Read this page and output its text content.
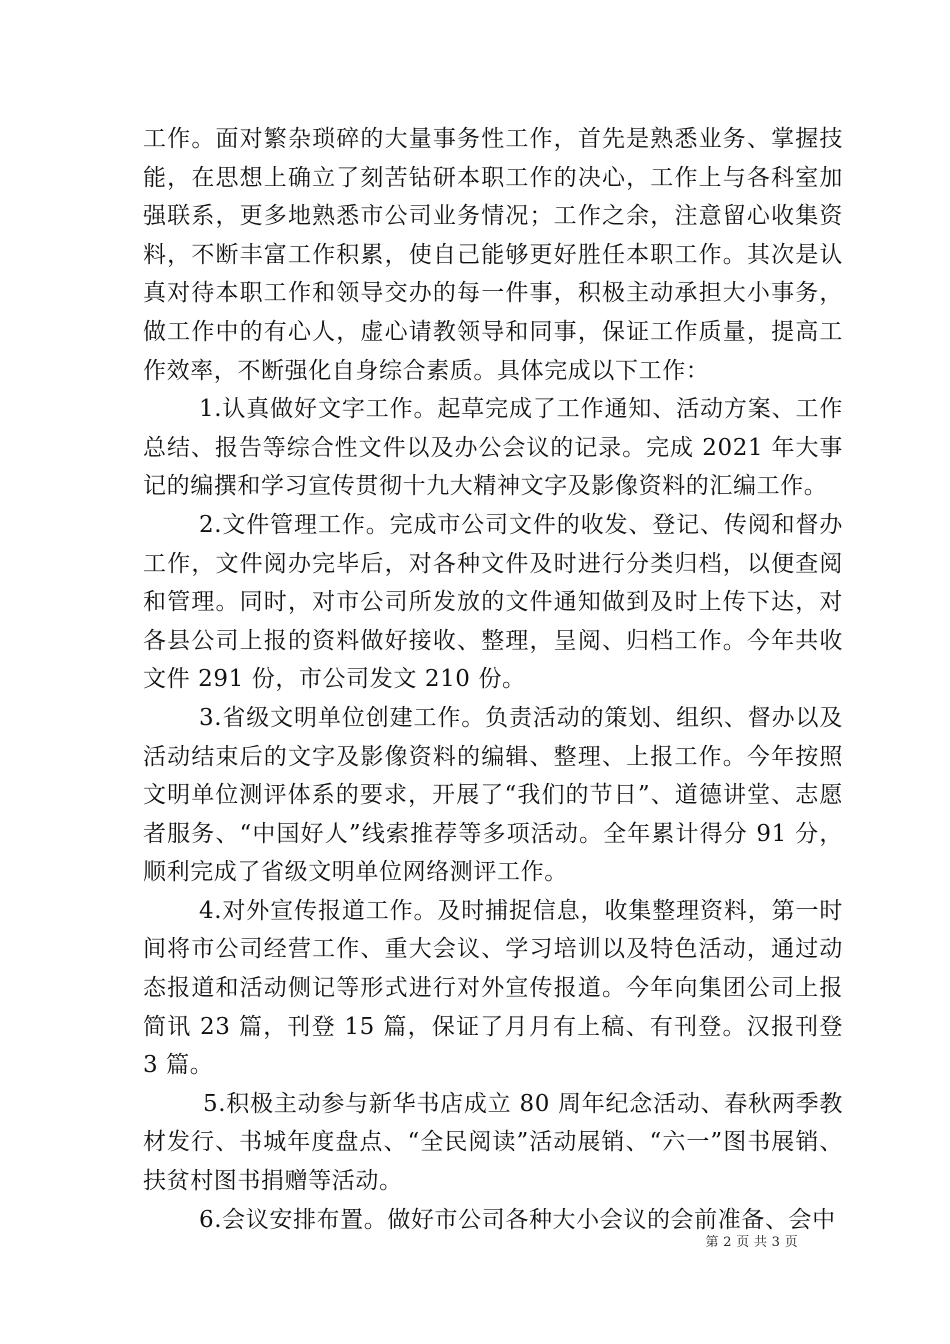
工作。面对繁杂琐碎的大量事务性工作，首先是熟悉业务、掌握技能，在思想上确立了刻苦钻研本职工作的决心，工作上与各科室加强联系，更多地熟悉市公司业务情况；工作之余，注意留心收集资料，不断丰富工作积累，使自己能够更好胜任本职工作。其次是认真对待本职工作和领导交办的每一件事，积极主动承担大小事务，做工作中的有心人，虚心请教领导和同事，保证工作质量，提高工作效率，不断强化自身综合素质。具体完成以下工作：

1.认真做好文字工作。起草完成了工作通知、活动方案、工作总结、报告等综合性文件以及办公会议的记录。完成 2021 年大事记的编撰和学习宣传贯彻十九大精神文字及影像资料的汇编工作。

2.文件管理工作。完成市公司文件的收发、登记、传阅和督办工作，文件阅办完毕后，对各种文件及时进行分类归档，以便查阅和管理。同时，对市公司所发放的文件通知做到及时上传下达，对各县公司上报的资料做好接收、整理，呈阅、归档工作。今年共收文件 291 份，市公司发文 210 份。

3.省级文明单位创建工作。负责活动的策划、组织、督办以及活动结束后的文字及影像资料的编辑、整理、上报工作。今年按照文明单位测评体系的要求，开展了“我们的节日”、道德讲堂、志愿者服务、“中国好人”线索推荐等多项活动。全年累计得分 91 分，顺利完成了省级文明单位网络测评工作。

4.对外宣传报道工作。及时捕捉信息，收集整理资料，第一时间将市公司经营工作、重大会议、学习培训以及特色活动，通过动态报道和活动侧记等形式进行对外宣传报道。今年向集团公司上报简讯 23 篇，刊登 15 篇，保证了月月有上稿、有刊登。汉报刊登 3 篇。

5.积极主动参与新华书店成立 80 周年纪念活动、春秋两季教材发行、书城年度盘点、“全民阅读”活动展销、“六一”图书展销、扶贫村图书捐赠等活动。

6.会议安排布置。做好市公司各种大小会议的会前准备、会中

第 2 页 共 3 页
